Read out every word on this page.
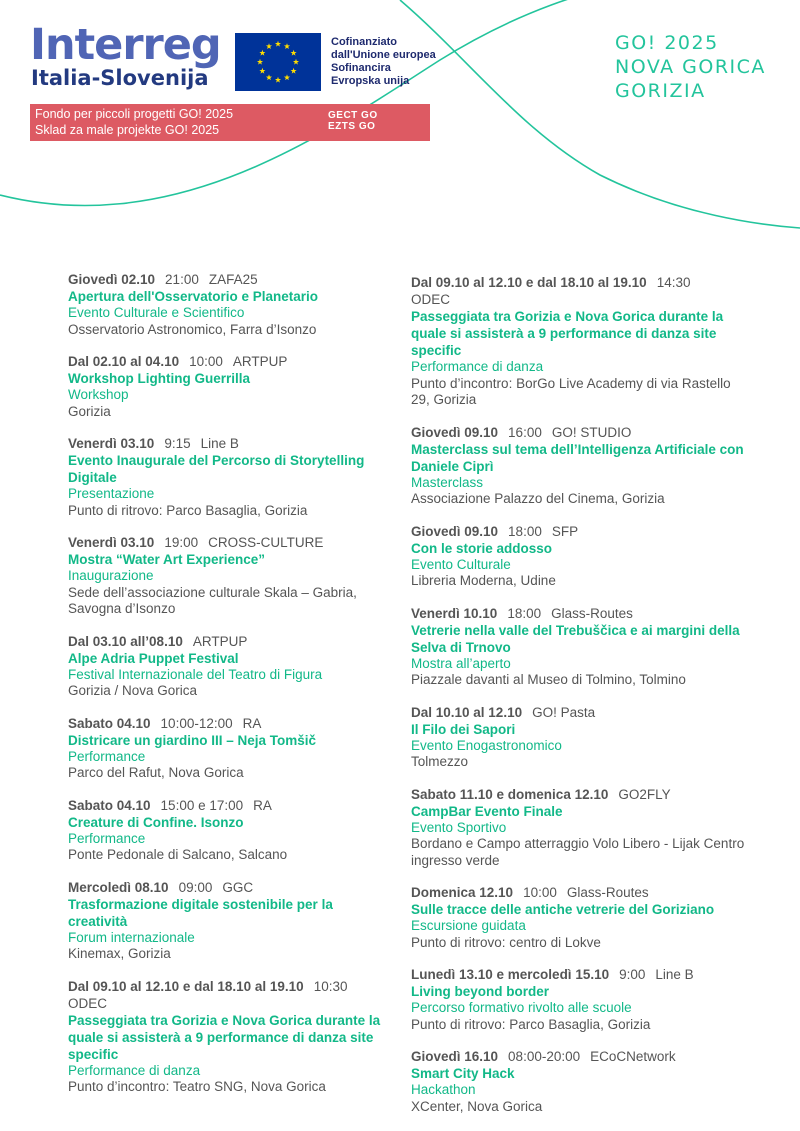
Interreg
Italia-Slovenija
Cofinanziato
dall'Unione europea
Sofinancira
Evropska unija
Fondo per piccoli progetti GO! 2025
Sklad za male projekte GO! 2025
GECT GO
EZTS GO
GO! 2025
NOVA GORICA
GORIZIA
Giovedì 02.10 21:00 ZAFA25
Apertura dell'Osservatorio e Planetario
Evento Culturale e Scientifico
Osservatorio Astronomico, Farra d’Isonzo
Dal 02.10 al 04.10 10:00 ARTPUP
Workshop Lighting Guerrilla
Workshop
Gorizia
Venerdì 03.10 9:15 Line B
Evento Inaugurale del Percorso di Storytelling Digitale
Presentazione
Punto di ritrovo: Parco Basaglia, Gorizia
Venerdì 03.10 19:00 CROSS-CULTURE
Mostra “Water Art Experience”
Inaugurazione
Sede dell’associazione culturale Skala – Gabria, Savogna d’Isonzo
Dal 03.10 all’08.10 ARTPUP
Alpe Adria Puppet Festival
Festival Internazionale del Teatro di Figura
Gorizia / Nova Gorica
Sabato 04.10 10:00-12:00 RA
Districare un giardino III – Neja Tomšič
Performance
Parco del Rafut, Nova Gorica
Sabato 04.10 15:00 e 17:00 RA
Creature di Confine. Isonzo
Performance
Ponte Pedonale di Salcano, Salcano
Mercoledì 08.10 09:00 GGC
Trasformazione digitale sostenibile per la creatività
Forum internazionale
Kinemax, Gorizia
Dal 09.10 al 12.10 e dal 18.10 al 19.10 10:30
ODEC
Passeggiata tra Gorizia e Nova Gorica durante la quale si assisterà a 9 performance di danza site specific
Performance di danza
Punto d’incontro: Teatro SNG, Nova Gorica
Dal 09.10 al 12.10 e dal 18.10 al 19.10 14:30
ODEC
Passeggiata tra Gorizia e Nova Gorica durante la quale si assisterà a 9 performance di danza site specific
Performance di danza
Punto d’incontro: BorGo Live Academy di via Rastello 29, Gorizia
Giovedì 09.10 16:00 GO! STUDIO
Masterclass sul tema dell’Intelligenza Artificiale con Daniele Ciprì
Masterclass
Associazione Palazzo del Cinema, Gorizia
Giovedì 09.10 18:00 SFP
Con le storie addosso
Evento Culturale
Libreria Moderna, Udine
Venerdì 10.10 18:00 Glass-Routes
Vetrerie nella valle del Trebuščica e ai margini della Selva di Trnovo
Mostra all’aperto
Piazzale davanti al Museo di Tolmino, Tolmino
Dal 10.10 al 12.10 GO! Pasta
Il Filo dei Sapori
Evento Enogastronomico
Tolmezzo
Sabato 11.10 e domenica 12.10 GO2FLY
CampBar Evento Finale
Evento Sportivo
Bordano e Campo atterraggio Volo Libero - Lijak Centro ingresso verde
Domenica 12.10 10:00 Glass-Routes
Sulle tracce delle antiche vetrerie del Goriziano
Escursione guidata
Punto di ritrovo: centro di Lokve
Lunedì 13.10 e mercoledì 15.10 9:00 Line B
Living beyond border
Percorso formativo rivolto alle scuole
Punto di ritrovo: Parco Basaglia, Gorizia
Giovedì 16.10 08:00-20:00 ECoCNetwork
Smart City Hack
Hackathon
XCenter, Nova Gorica
